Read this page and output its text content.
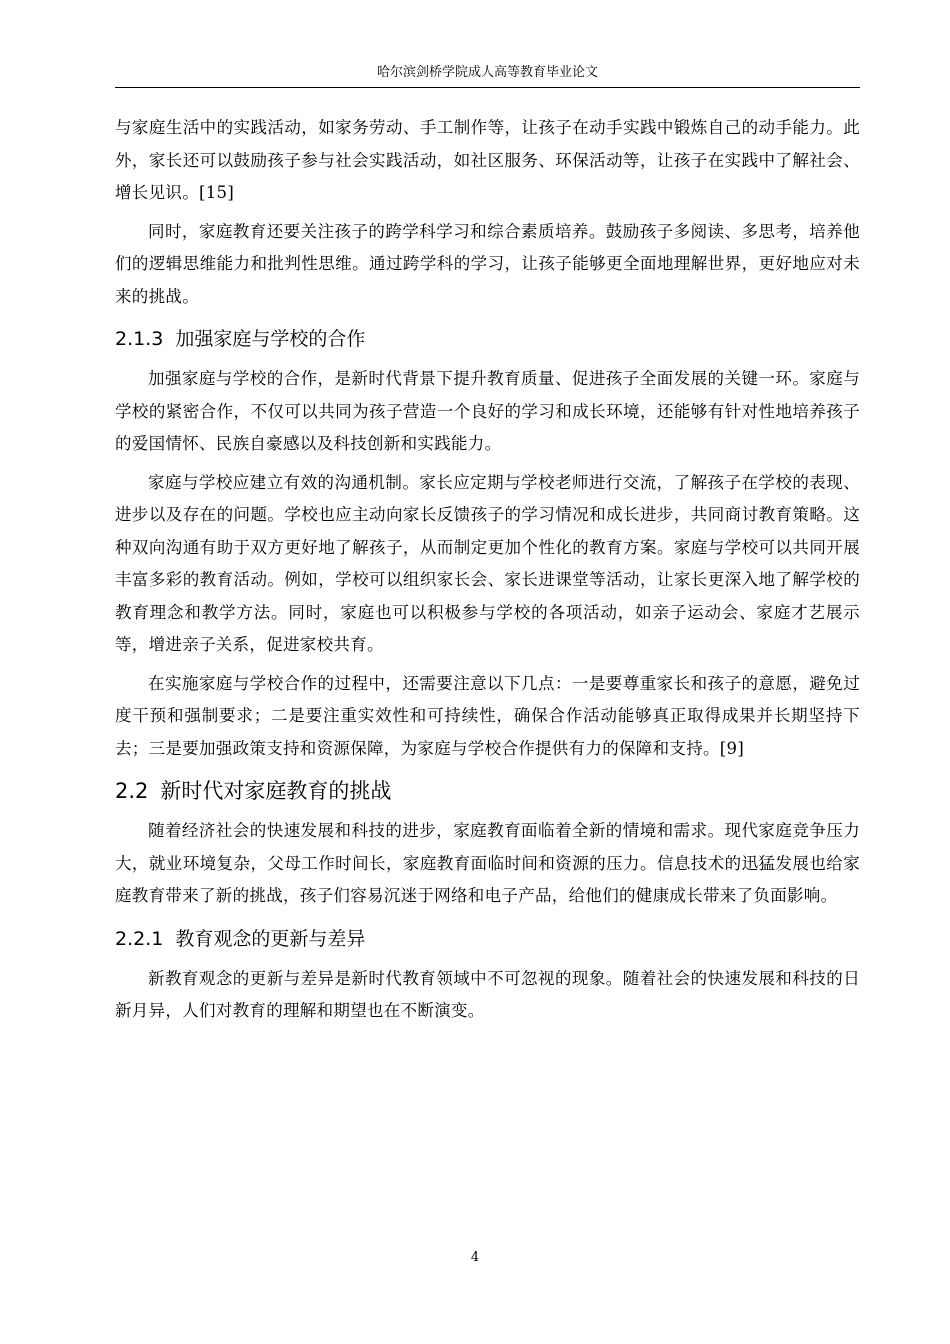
哈尔滨剑桥学院成人高等教育毕业论文

与家庭生活中的实践活动，如家务劳动、手工制作等，让孩子在动手实践中锻炼自己的动手能力。此外，家长还可以鼓励孩子参与社会实践活动，如社区服务、环保活动等，让孩子在实践中了解社会、增长见识。[15]

同时，家庭教育还要关注孩子的跨学科学习和综合素质培养。鼓励孩子多阅读、多思考，培养他们的逻辑思维能力和批判性思维。通过跨学科的学习，让孩子能够更全面地理解世界，更好地应对未来的挑战。

2.1.3 加强家庭与学校的合作

加强家庭与学校的合作，是新时代背景下提升教育质量、促进孩子全面发展的关键一环。家庭与学校的紧密合作，不仅可以共同为孩子营造一个良好的学习和成长环境，还能够有针对性地培养孩子的爱国情怀、民族自豪感以及科技创新和实践能力。

家庭与学校应建立有效的沟通机制。家长应定期与学校老师进行交流，了解孩子在学校的表现、进步以及存在的问题。学校也应主动向家长反馈孩子的学习情况和成长进步，共同商讨教育策略。这种双向沟通有助于双方更好地了解孩子，从而制定更加个性化的教育方案。家庭与学校可以共同开展丰富多彩的教育活动。例如，学校可以组织家长会、家长进课堂等活动，让家长更深入地了解学校的教育理念和教学方法。同时，家庭也可以积极参与学校的各项活动，如亲子运动会、家庭才艺展示等，增进亲子关系，促进家校共育。

在实施家庭与学校合作的过程中，还需要注意以下几点：一是要尊重家长和孩子的意愿，避免过度干预和强制要求；二是要注重实效性和可持续性，确保合作活动能够真正取得成果并长期坚持下去；三是要加强政策支持和资源保障，为家庭与学校合作提供有力的保障和支持。[9]

2.2 新时代对家庭教育的挑战

随着经济社会的快速发展和科技的进步，家庭教育面临着全新的情境和需求。现代家庭竞争压力大，就业环境复杂，父母工作时间长，家庭教育面临时间和资源的压力。信息技术的迅猛发展也给家庭教育带来了新的挑战，孩子们容易沉迷于网络和电子产品，给他们的健康成长带来了负面影响。

2.2.1 教育观念的更新与差异

新教育观念的更新与差异是新时代教育领域中不可忽视的现象。随着社会的快速发展和科技的日新月异，人们对教育的理解和期望也在不断演变。

4
